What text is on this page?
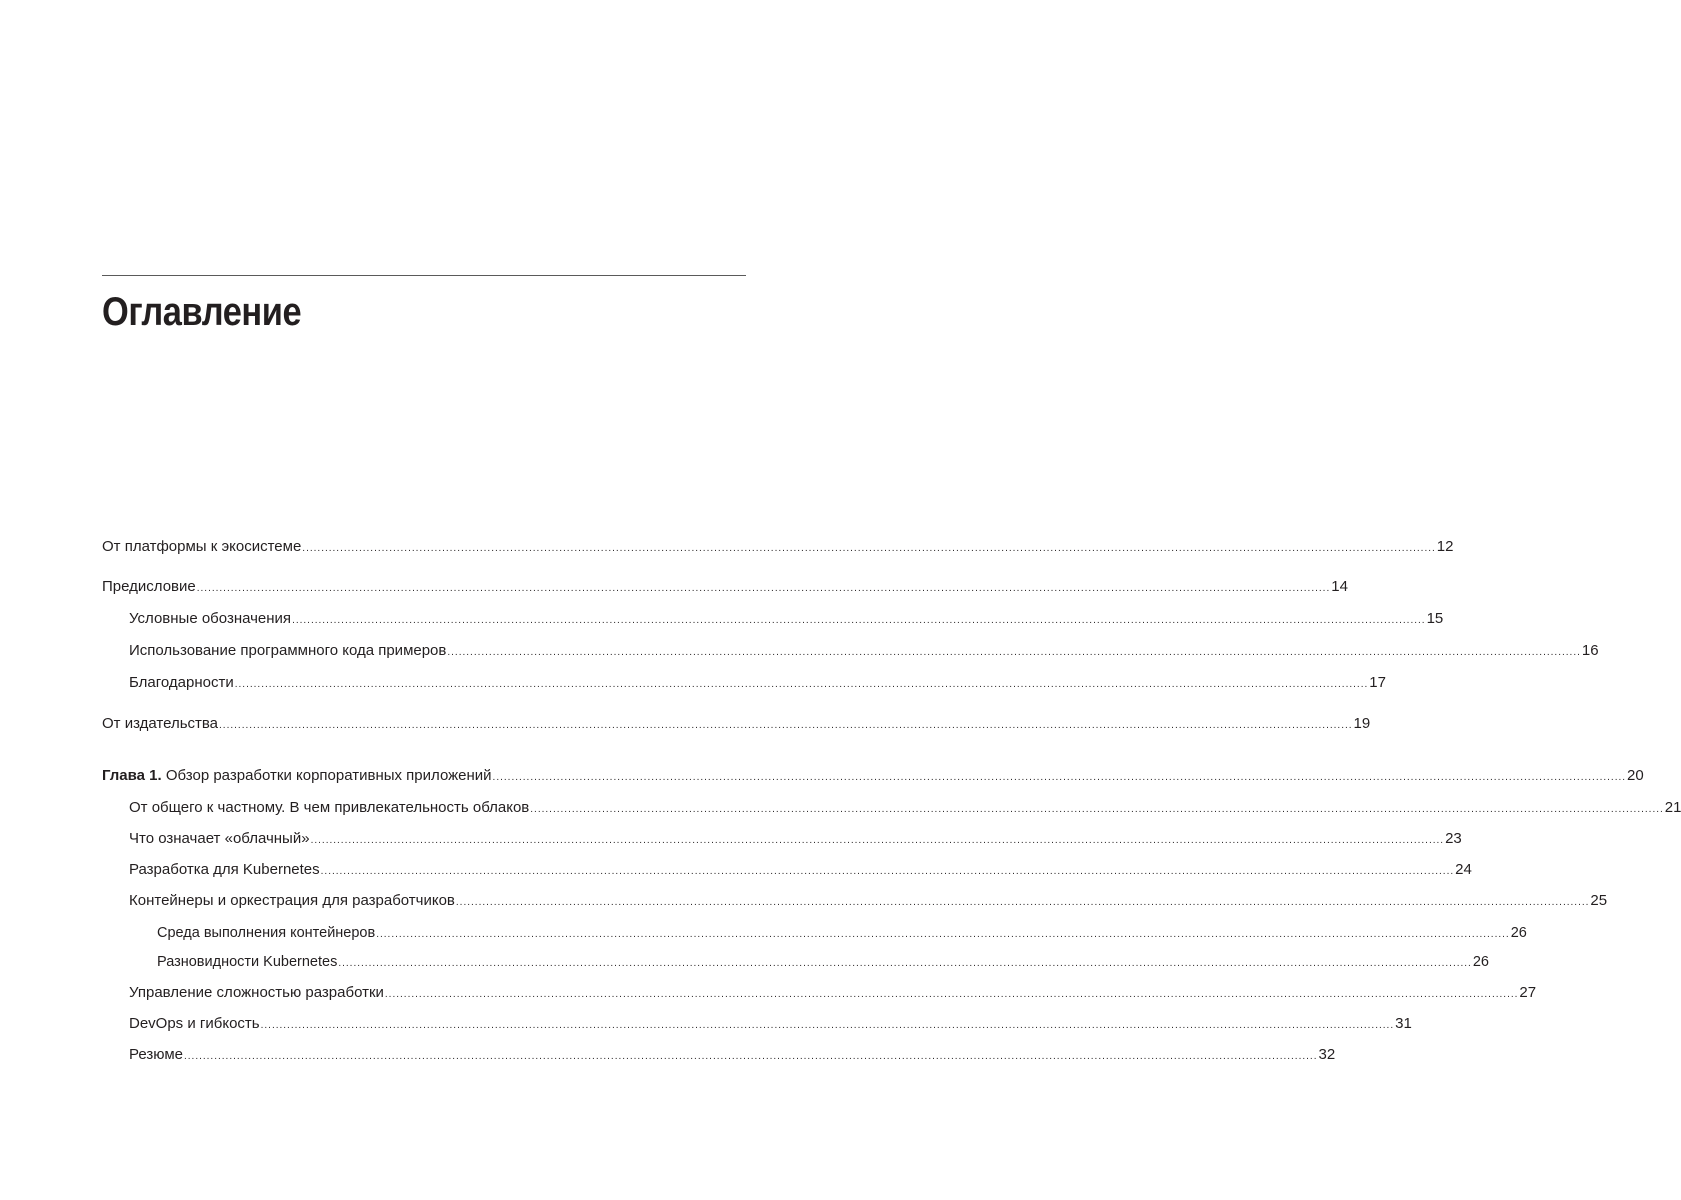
Оглавление
От платформы к экосистеме ............................................................................................................................................................................................................................................................................................................ 12
Предисловие ............................................................................................................................................................................................................................................................................................................ 14
Условные обозначения ............................................................................................................................................................................................................................................................................................................ 15
Использование программного кода примеров ............................................................................................................................................................................................................................................................................................................ 16
Благодарности ............................................................................................................................................................................................................................................................................................................ 17
От издательства ............................................................................................................................................................................................................................................................................................................ 19
Глава 1. Обзор разработки корпоративных приложений ............................................................................................................................................................................................................................................................................................................ 20
От общего к частному. В чем привлекательность облаков ............................................................................................................................................................................................................................................................................................................ 21
Что означает «облачный» ............................................................................................................................................................................................................................................................................................................ 23
Разработка для Kubernetes ............................................................................................................................................................................................................................................................................................................ 24
Контейнеры и оркестрация для разработчиков ............................................................................................................................................................................................................................................................................................................ 25
Среда выполнения контейнеров ............................................................................................................................................................................................................................................................................................................ 26
Разновидности Kubernetes ............................................................................................................................................................................................................................................................................................................ 26
Управление сложностью разработки ............................................................................................................................................................................................................................................................................................................ 27
DevOps и гибкость ............................................................................................................................................................................................................................................................................................................ 31
Резюме ............................................................................................................................................................................................................................................................................................................ 32
